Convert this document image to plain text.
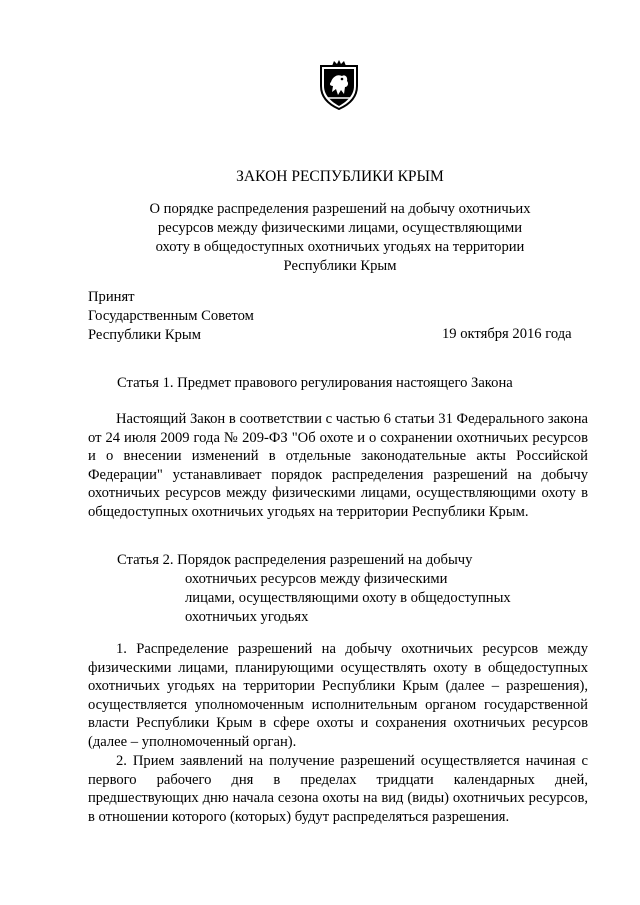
ЗАКОН РЕСПУБЛИКИ КРЫМ
О порядке распределения разрешений на добычу охотничьих
ресурсов между физическими лицами, осуществляющими
охоту в общедоступных охотничьих угодьях на территории
Республики Крым
Принят
Государственным Советом
Республики Крым	19 октября 2016 года
Статья 1. Предмет правового регулирования настоящего Закона
Настоящий Закон в соответствии с частью 6 статьи 31 Федерального закона от 24 июля 2009 года № 209-ФЗ "Об охоте и о сохранении охотничьих ресурсов и о внесении изменений в отдельные законодательные акты Российской Федерации" устанавливает порядок распределения разрешений на добычу охотничьих ресурсов между физическими лицами, осуществляющими охоту в общедоступных охотничьих угодьях на территории Республики Крым.
Статья 2. Порядок распределения разрешений на добычу
охотничьих ресурсов между физическими
лицами, осуществляющими охоту в общедоступных
охотничьих угодьях
1. Распределение разрешений на добычу охотничьих ресурсов между физическими лицами, планирующими осуществлять охоту в общедоступных охотничьих угодьях на территории Республики Крым (далее – разрешения), осуществляется уполномоченным исполнительным органом государственной власти Республики Крым в сфере охоты и сохранения охотничьих ресурсов (далее – уполномоченный орган).
2. Прием заявлений на получение разрешений осуществляется начиная с первого рабочего дня в пределах тридцати календарных дней, предшествующих дню начала сезона охоты на вид (виды) охотничьих ресурсов, в отношении которого (которых) будут распределяться разрешения.
